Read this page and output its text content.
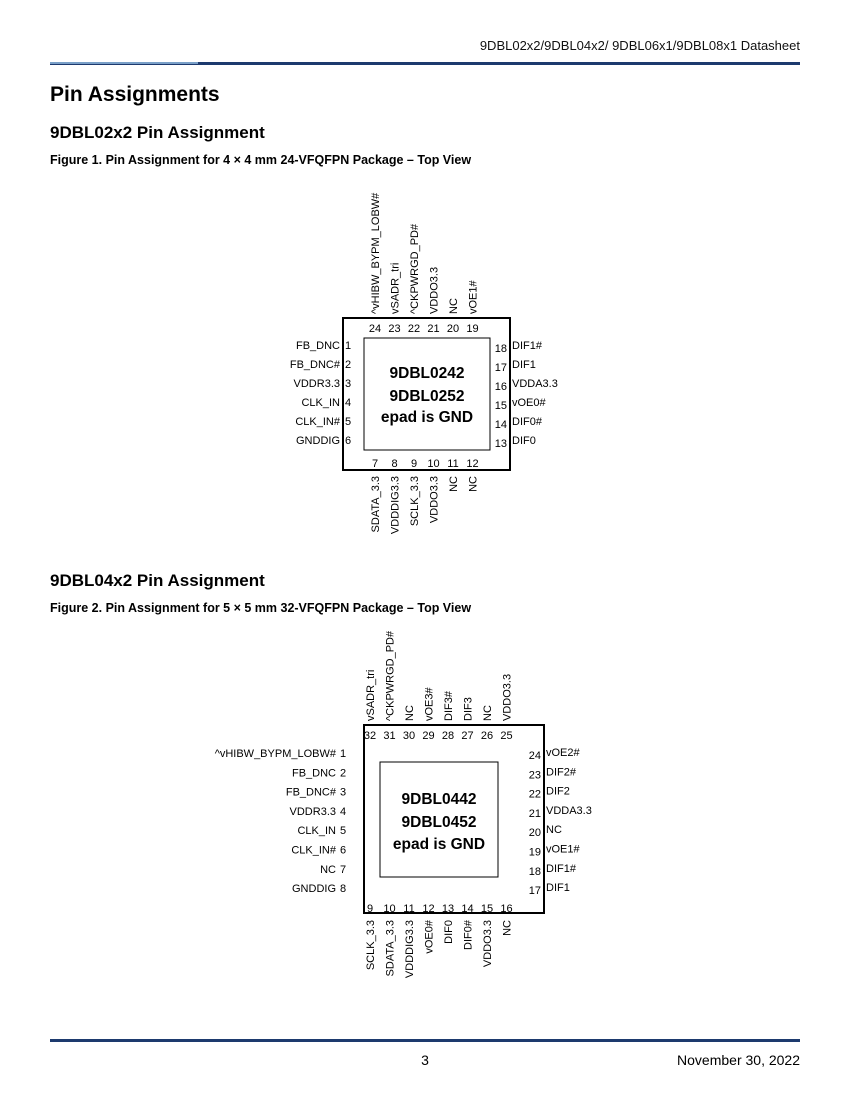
9DBL02x2/9DBL04x2/ 9DBL06x1/9DBL08x1 Datasheet
Pin Assignments
9DBL02x2 Pin Assignment
Figure 1. Pin Assignment for 4 × 4 mm 24-VFQFPN Package – Top View
9DBL0242
9DBL0252
epad is GND
24
^vHIBW_BYPM_LOBW#
23
vSADR_tri
22
^CKPWRGD_PD#
21
VDDO3.3
20
NC
19
vOE1#
7
SDATA_3.3
8
VDDDIG3.3
9
SCLK_3.3
10
VDDO3.3
11
NC
12
NC
1
FB_DNC
2
FB_DNC#
3
VDDR3.3
4
CLK_IN
5
CLK_IN#
6
GNDDIG
18 DIF1#
17 DIF1
16 VDDA3.3
15 vOE0#
14 DIF0#
13 DIF0
9DBL04x2 Pin Assignment
Figure 2. Pin Assignment for 5 × 5 mm 32-VFQFPN Package – Top View
9DBL0442
9DBL0452
epad is GND
32
vSADR_tri
31
^CKPWRGD_PD#
30
NC
29
vOE3#
28
DIF3#
27
DIF3
26
NC
25
VDDO3.3
9
SCLK_3.3
10
SDATA_3.3
11
VDDDIG3.3
12
vOE0#
13
DIF0
14
DIF0#
15
VDDO3.3
16
NC
1
^vHIBW_BYPM_LOBW#
2
FB_DNC
3
FB_DNC#
4
VDDR3.3
5
CLK_IN
6
CLK_IN#
7
NC
8
GNDDIG
24 vOE2#
23 DIF2#
22 DIF2
21 VDDA3.3
20 NC
19 vOE1#
18 DIF1#
17 DIF1
3	November 30, 2022
